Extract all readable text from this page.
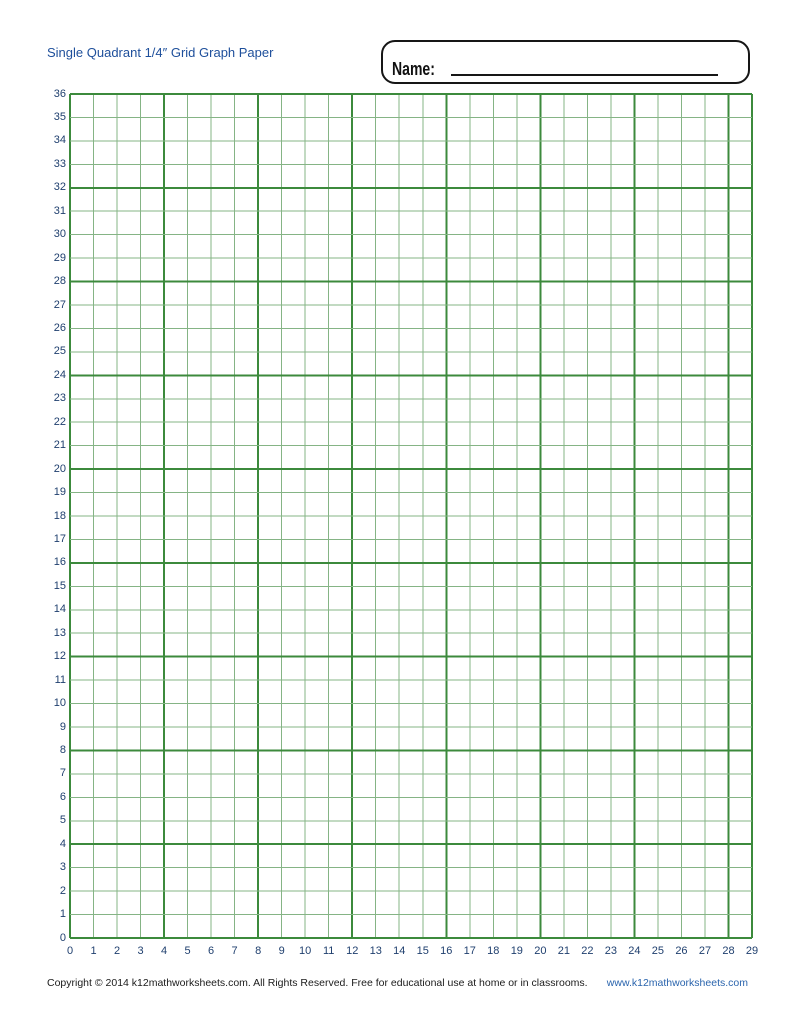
Single Quadrant 1/4″ Grid Graph Paper
Name:
36
35
34
33
32
31
30
29
28
27
26
25
24
23
22
21
20
19
18
17
16
15
14
13
12
11
10
9
8
7
6
5
4
3
2
1
0
0	1	2	3	4	5	6	7	8	9	10	11	12	13	14	15	16	17	18	19	20	21	22	23	24	25	26	27	28	29
Copyright © 2014 k12mathworksheets.com. All Rights Reserved. Free for educational use at home or in classrooms. www.k12mathworksheets.com
